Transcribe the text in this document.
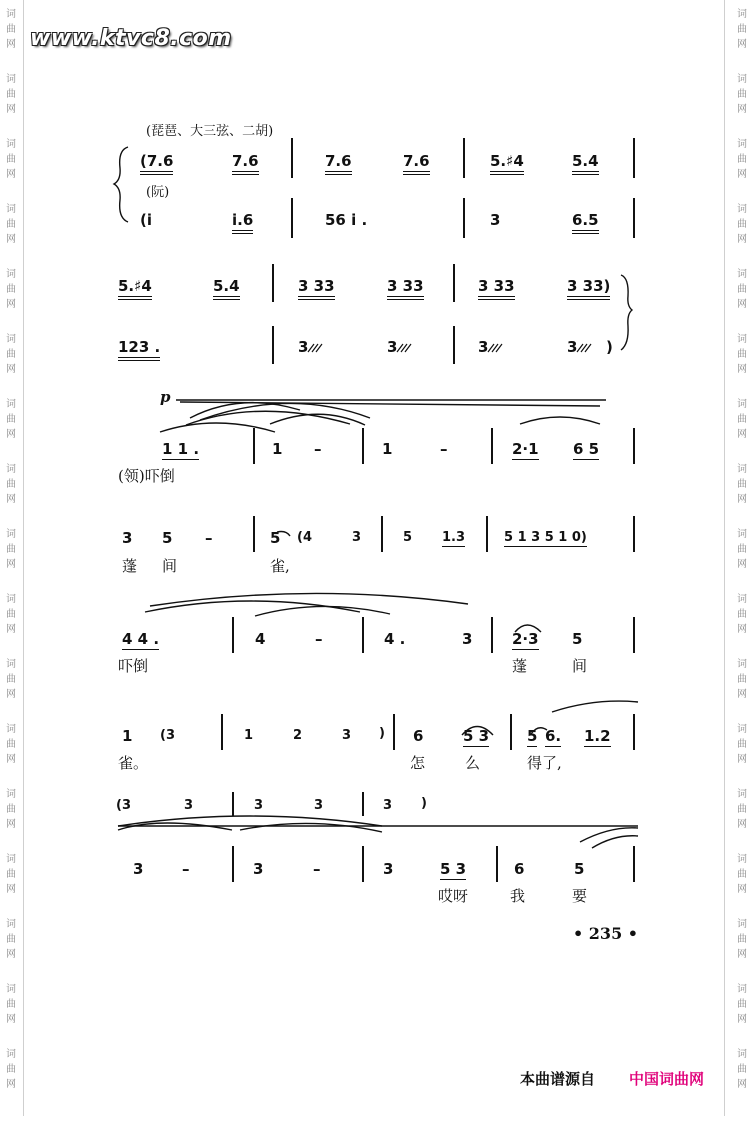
词
曲
网
词
曲
网
词
曲
网
词
曲
网
词
曲
网
词
曲
网
词
曲
网
词
曲
网
词
曲
网
词
曲
网
词
曲
网
词
曲
网
词
曲
网
词
曲
网
词
曲
网
词
曲
网
词
曲
网
词
曲
网
词
曲
网
词
曲
网
词
曲
网
词
曲
网
词
曲
网
词
曲
网
词
曲
网
词
曲
网
词
曲
网
词
曲
网
词
曲
网
词
曲
网
词
曲
网
词
曲
网
词
曲
网
词
曲
网
www.ktvc8.com
(琵琶、大三弦、二胡)
(阮)
(7.6	7.6	7.6	7.6	5.♯4	5.4
(i	i.6	56 i .	3	6.5
5.♯4	5.4	3 33	3 33	3 33	3 33)
123 .	3	3	3	3 )
p
1 1 .	1 –	1	–	2·1 6 5
(领)吓倒
3 5 –	5 (4	3	5 1.3	5 1 3 5 1 0)
蓬 间	雀,
4 4 .	4	–	4 .	3	2·3 5
吓倒	蓬	间
1 (3	1	2	3 ) 6	5 3	5 6. 1.2
雀。	怎	么	得了,
(3	3	3	3	3 )
3	–	3	–	3	5 3	6	5
哎呀	我	要
• 235 •
本曲谱源自 中国词曲网
